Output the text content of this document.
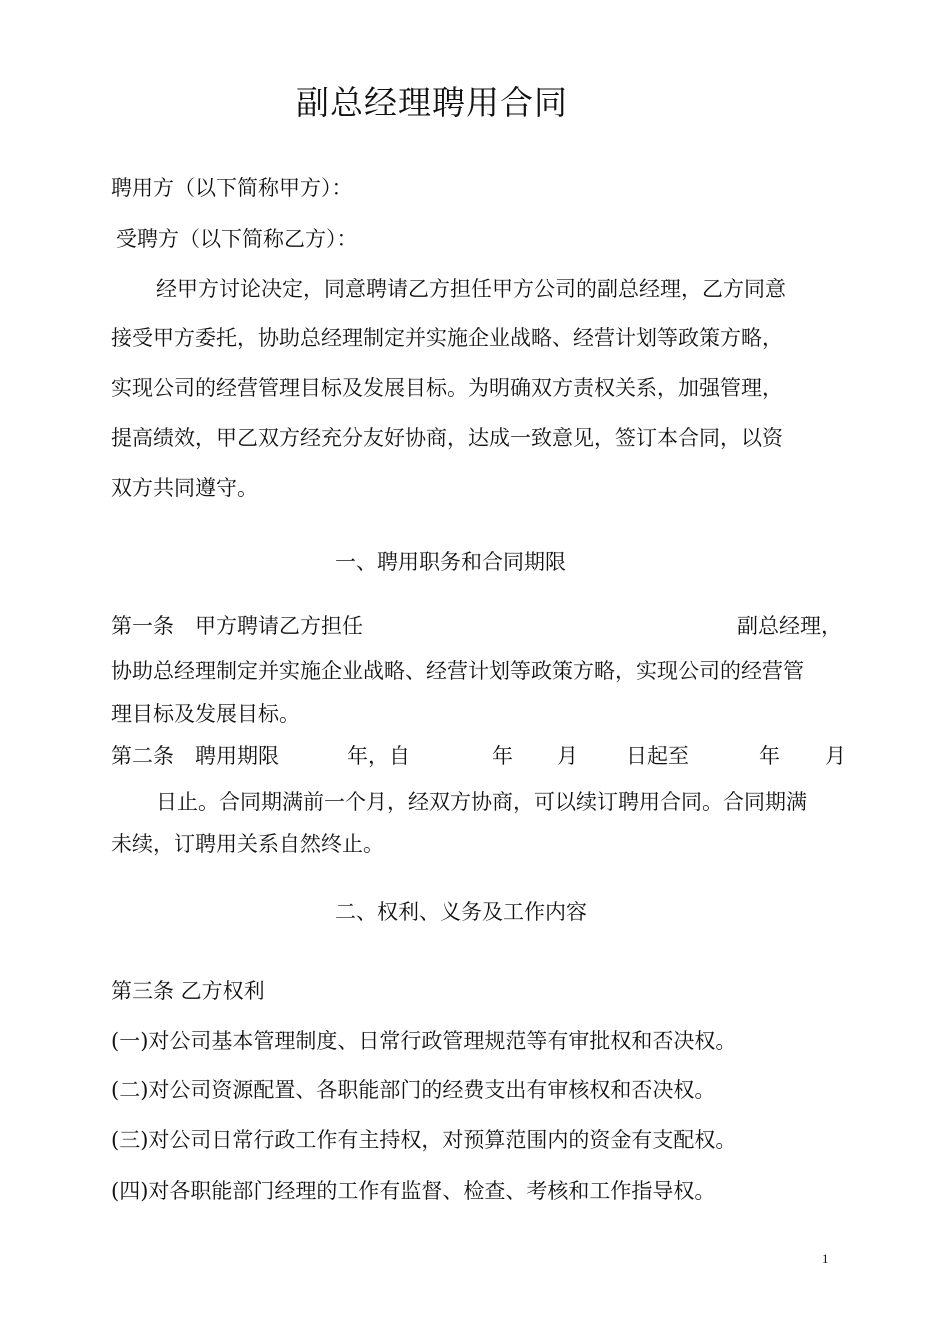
副总经理聘用合同
聘用方（以下简称甲方）：
受聘方（以下简称乙方）：
经甲方讨论决定，同意聘请乙方担任甲方公司的副总经理，乙方同意
接受甲方委托，协助总经理制定并实施企业战略、经营计划等政策方略，
实现公司的经营管理目标及发展目标。为明确双方责权关系，加强管理，
提高绩效，甲乙双方经充分友好协商，达成一致意见，签订本合同，以资
双方共同遵守。
一、聘用职务和合同期限
第一条　甲方聘请乙方担任	副总经理，
协助总经理制定并实施企业战略、经营计划等政策方略，实现公司的经营管
理目标及发展目标。
第二条　聘用期限	年，自	年 月 日起至	年 月
日止。合同期满前一个月，经双方协商，可以续订聘用合同。合同期满
未续，订聘用关系自然终止。
二、权利、义务及工作内容
第三条 乙方权利
(一)对公司基本管理制度、日常行政管理规范等有审批权和否决权。
(二)对公司资源配置、各职能部门的经费支出有审核权和否决权。
(三)对公司日常行政工作有主持权，对预算范围内的资金有支配权。
(四)对各职能部门经理的工作有监督、检查、考核和工作指导权。
1
